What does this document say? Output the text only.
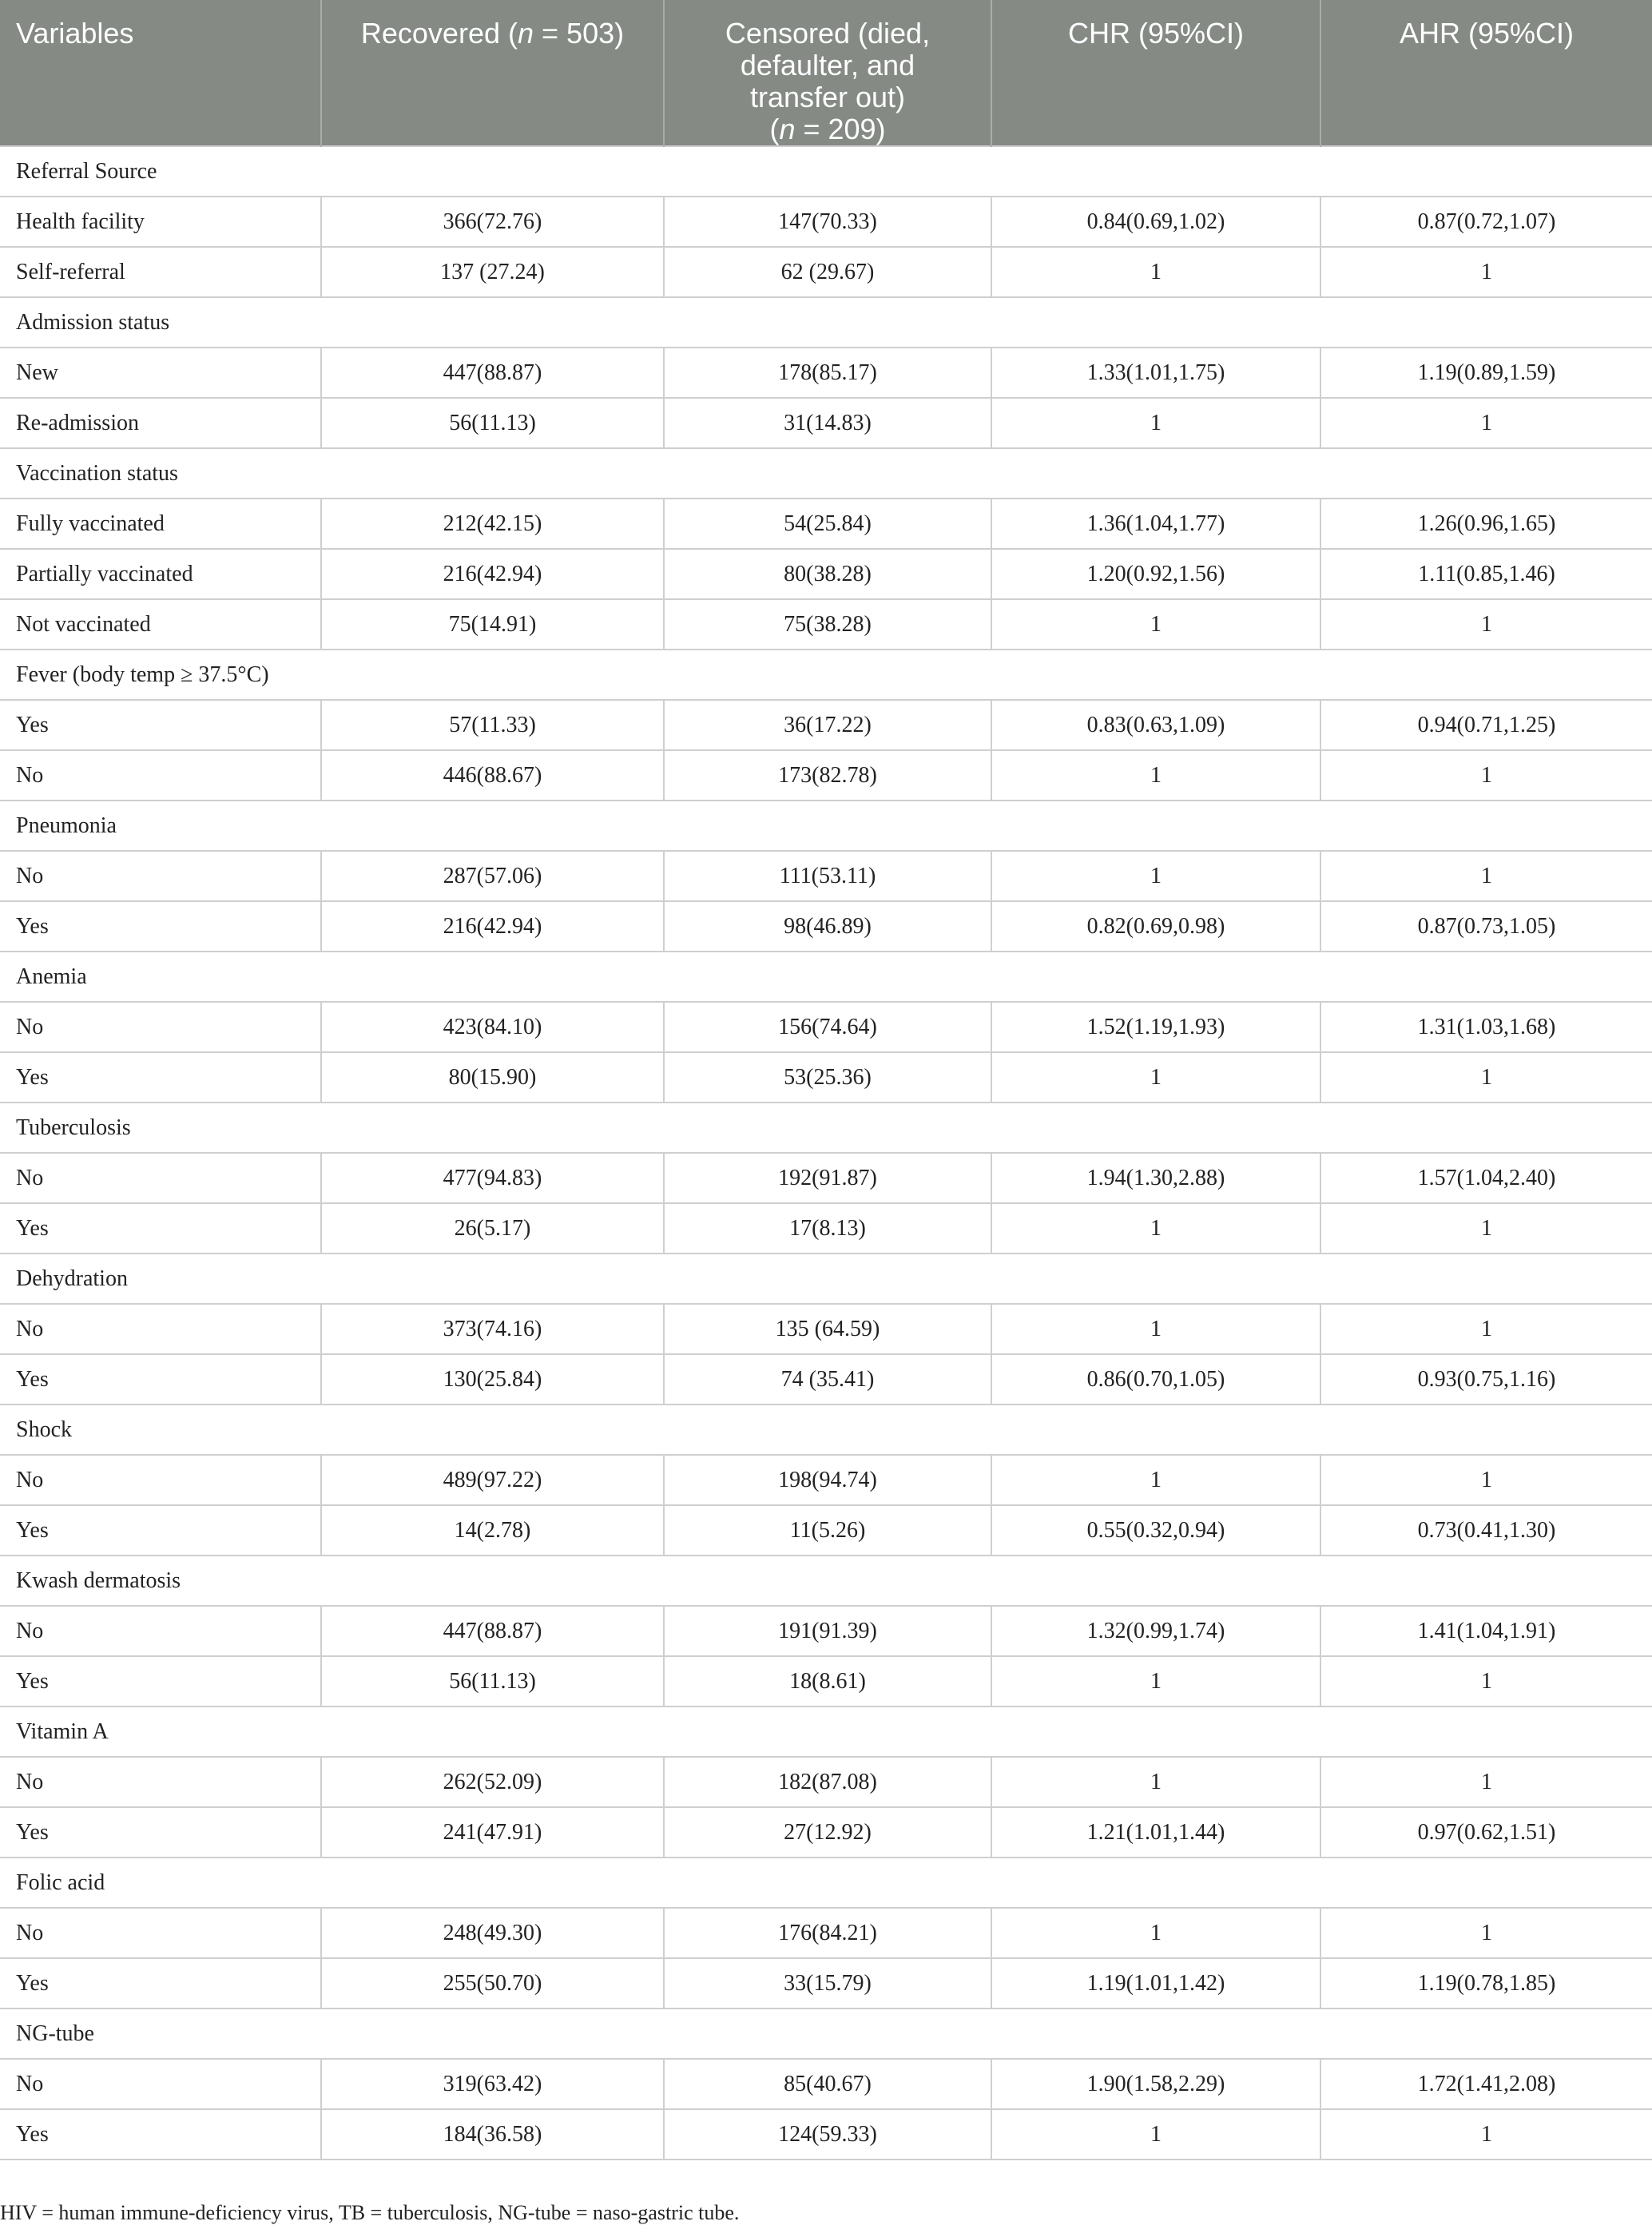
Variables	Recovered (n = 503)	Censored (died,
defaulter, and
transfer out)
(n = 209)	CHR (95%CI)	AHR (95%CI)
Referral Source				
Health facility	366(72.76)	147(70.33)	0.84(0.69,1.02)	0.87(0.72,1.07)
Self-referral	137 (27.24)	62 (29.67)	1	1
Admission status				
New	447(88.87)	178(85.17)	1.33(1.01,1.75)	1.19(0.89,1.59)
Re-admission	56(11.13)	31(14.83)	1	1
Vaccination status				
Fully vaccinated	212(42.15)	54(25.84)	1.36(1.04,1.77)	1.26(0.96,1.65)
Partially vaccinated	216(42.94)	80(38.28)	1.20(0.92,1.56)	1.11(0.85,1.46)
Not vaccinated	75(14.91)	75(38.28)	1	1
Fever (body temp ≥ 37.5°C)				
Yes	57(11.33)	36(17.22)	0.83(0.63,1.09)	0.94(0.71,1.25)
No	446(88.67)	173(82.78)	1	1
Pneumonia				
No	287(57.06)	111(53.11)	1	1
Yes	216(42.94)	98(46.89)	0.82(0.69,0.98)	0.87(0.73,1.05)
Anemia				
No	423(84.10)	156(74.64)	1.52(1.19,1.93)	1.31(1.03,1.68)
Yes	80(15.90)	53(25.36)	1	1
Tuberculosis				
No	477(94.83)	192(91.87)	1.94(1.30,2.88)	1.57(1.04,2.40)
Yes	26(5.17)	17(8.13)	1	1
Dehydration				
No	373(74.16)	135 (64.59)	1	1
Yes	130(25.84)	74 (35.41)	0.86(0.70,1.05)	0.93(0.75,1.16)
Shock				
No	489(97.22)	198(94.74)	1	1
Yes	14(2.78)	11(5.26)	0.55(0.32,0.94)	0.73(0.41,1.30)
Kwash dermatosis				
No	447(88.87)	191(91.39)	1.32(0.99,1.74)	1.41(1.04,1.91)
Yes	56(11.13)	18(8.61)	1	1
Vitamin A				
No	262(52.09)	182(87.08)	1	1
Yes	241(47.91)	27(12.92)	1.21(1.01,1.44)	0.97(0.62,1.51)
Folic acid				
No	248(49.30)	176(84.21)	1	1
Yes	255(50.70)	33(15.79)	1.19(1.01,1.42)	1.19(0.78,1.85)
NG-tube				
No	319(63.42)	85(40.67)	1.90(1.58,2.29)	1.72(1.41,2.08)
Yes	184(36.58)	124(59.33)	1	1
HIV = human immune-deficiency virus, TB = tuberculosis, NG-tube = naso-gastric tube.
